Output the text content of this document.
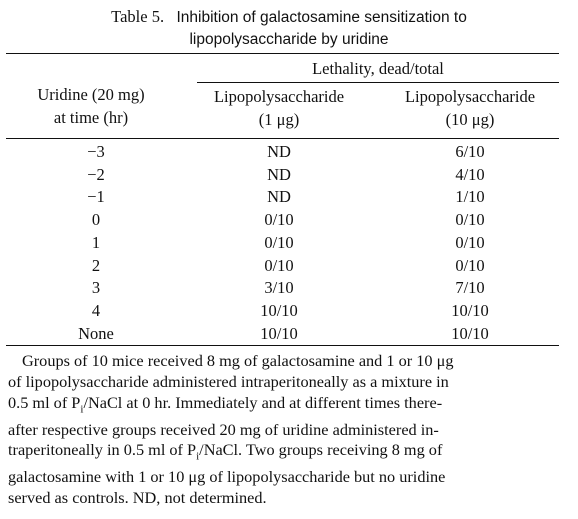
Table 5. Inhibition of galactosamine sensitization to
lipopolysaccharide by uridine
Uridine (20 mg)
at time (hr)
Lethality, dead/total
Lipopolysaccharide
(1 μg)
Lipopolysaccharide
(10 μg)
−3	ND	6/10
−2	ND	4/10
−1	ND	1/10
0	0/10	0/10
1	0/10	0/10
2	0/10	0/10
3	3/10	7/10
4	10/10	10/10
None	10/10	10/10
Groups of 10 mice received 8 mg of galactosamine and 1 or 10 μg
of lipopolysaccharide administered intraperitoneally as a mixture in
0.5 ml of $P_i$/NaCl at 0 hr. Immediately and at different times there-
after respective groups received 20 mg of uridine administered in-
traperitoneally in 0.5 ml of $P_i$/NaCl. Two groups receiving 8 mg of
galactosamine with 1 or 10 μg of lipopolysaccharide but no uridine
served as controls. ND, not determined.
